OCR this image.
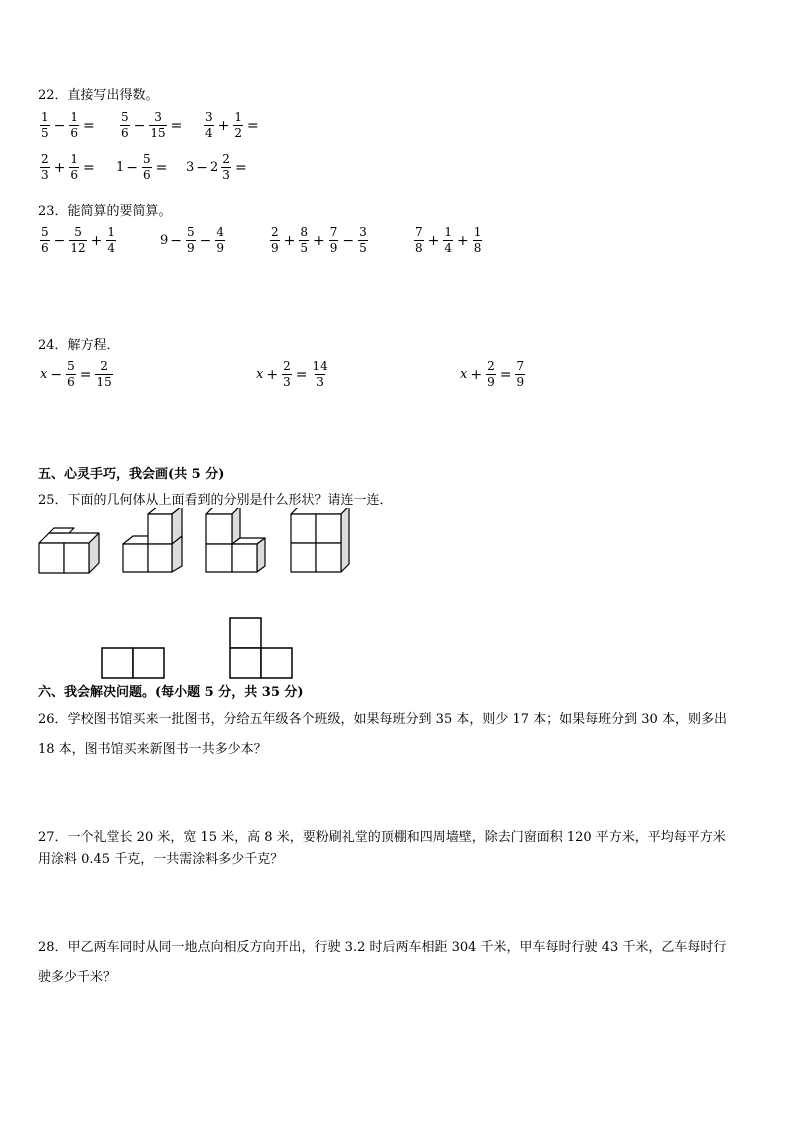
22．直接写出得数。
$\frac{1}{5} - \frac{1}{6} = \frac{5}{6} - \frac{3}{15} = \frac{3}{4} + \frac{1}{2}$ =
$\frac{2}{3} + \frac{1}{6} = 1 - \frac{5}{6} = 3 - 2 \frac{2}{3}$ =
23．能简算的要简算。
$\frac{5}{6} - \frac{5}{12} + \frac{1}{4}$	$9 - \frac{5}{9} - \frac{4}{9}$	$\frac{2}{9} + \frac{8}{5} + \frac{7}{9} - \frac{3}{5}$	$\frac{7}{8} + \frac{1}{4} + \frac{1}{8}$
24．解方程．
$x - \frac{5}{6} = \frac{2}{15}$	$x + \frac{2}{3} = \frac{14}{3}$	$x + \frac{2}{9} = \frac{7}{9}$
五、心灵手巧，我会画(共 5 分)
25．下面的几何体从上面看到的分别是什么形状？请连一连．
六、我会解决问题。(每小题 5 分，共 35 分)
26．学校图书馆买来一批图书，分给五年级各个班级，如果每班分到 35 本，则少 17 本；如果每班分到 30 本，则多出
18 本，图书馆买来新图书一共多少本？
27．一个礼堂长 20 米，宽 15 米，高 8 米，要粉刷礼堂的顶棚和四周墙壁，除去门窗面积 120 平方米，平均每平方米
用涂料 0.45 千克，一共需涂料多少千克？
28．甲乙两车同时从同一地点向相反方向开出，行驶 3.2 时后两车相距 304 千米，甲车每时行驶 43 千米，乙车每时行
驶多少千米？
